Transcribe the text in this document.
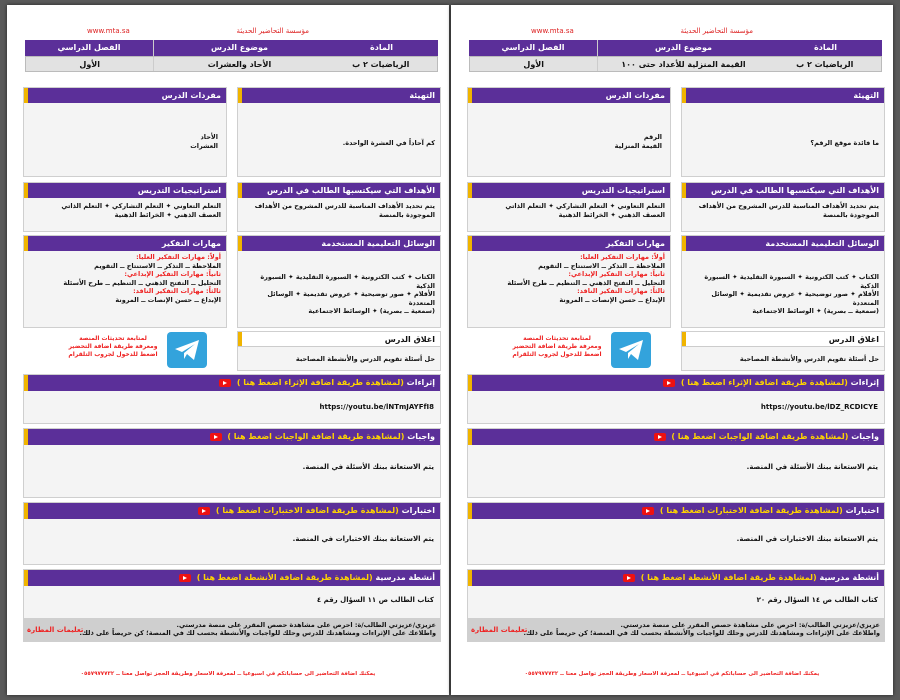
www.mta.sa	مؤسسة التحاضير الحديثة
المادة
موضوع الدرس
الفصل الدراسي
الرياضيات ٢ ب
الأحاد والعشرات
الأول
التهيئة
كم آحاداً في العشرة الواحدة.
مفردات الدرس
الأحاد
العشرات
الأهداف التي سيكتسبها الطالب في الدرس
يتم تحديد الأهداف المناسبة للدرس المشروح من الأهداف الموجودة بالمنصة
استراتيجيات التدريس
التعلم التعاوني ✦ التعلم التشاركي ✦ التعلم الذاتي
العصف الذهني ✦ الخرائط الذهنية
الوسائل التعليمية المستخدمة
الكتاب ✦ كتب الكترونية ✦ السبورة التقليدية ✦ السبورة الذكية
الأقلام ✦ صور توضيحية ✦ عروض تقديمية ✦ الوسائل المتعددة
(سمعية ــ بصرية) ✦ الوسائط الاجتماعية
مهارات التفكير
أولاً: مهارات التفكير العليا:
الملاحظة ــ التذكر ــ الاستنتاج ــ التقويم
ثانياً: مهارات التفكير الإبداعي:
التحليل ــ التفتح الذهني ــ التنظيم ــ طرح الأسئلة
ثالثاً: مهارات التفكير الناقد:
الإبداع ــ حسن الإنصات ــ المرونة
اغلاق الدرس
حل أسئلة تقويم الدرس والأنشطة المصاحبة
لمتابعة تحديثات المنصة
ومعرفة طريقة اضافة التحضير
اضغط للدخول لجروب التلقرام
إثراءات (لمشاهدة طريقة اضافة الإثراء اضغط هنا )
https://youtu.be/lNTmJAYFfI8
واجبات (لمشاهدة طريقة اضافة الواجبات اضغط هنا )
يتم الاستعانة ببنك الأسئلة في المنصة.
اختبارات (لمشاهدة طريقة اضافة الاختبارات اضغط هنا )
يتم الاستعانة ببنك الاختبارات في المنصة.
أنشطة مدرسية (لمشاهدة طريقة اضافة الأنشطة اضغط هنا )
كتاب الطالب ص ١١ السؤال رقم ٤
تعليمات المطارة
عزيزي/عزيزتي الطالب/ة: احرص على مشاهدة حصص المقرر على منصة مدرستي.
واطلاعك على الإثراءات ومشاهدتك للدرس وحلك للواجبات والأنشطة بحسب لك في المنصة؛ كن حريصاً على ذلك.
يمكنك اضافة التحاضير الى حساباتكم في اسبوعيا ــ لمعرفة الاسعار وطريقة الحجز تواصل معنا ــ ٠٥٥٧٩٧٧٧٣٢
www.mta.sa	مؤسسة التحاضير الحديثة
المادة
موضوع الدرس
الفصل الدراسي
الرياضيات ٢ ب
القيمة المنزلية للأعداد حتى ١٠٠
الأول
التهيئة
ما فائدة موقع الرقم؟
مفردات الدرس
الرقم
القيمة المنزلية
الأهداف التي سيكتسبها الطالب في الدرس
يتم تحديد الأهداف المناسبة للدرس المشروح من الأهداف الموجودة بالمنصة
استراتيجيات التدريس
التعلم التعاوني ✦ التعلم التشاركي ✦ التعلم الذاتي
العصف الذهني ✦ الخرائط الذهنية
الوسائل التعليمية المستخدمة
الكتاب ✦ كتب الكترونية ✦ السبورة التقليدية ✦ السبورة الذكية
الأقلام ✦ صور توضيحية ✦ عروض تقديمية ✦ الوسائل المتعددة
(سمعية ــ بصرية) ✦ الوسائط الاجتماعية
مهارات التفكير
أولاً: مهارات التفكير العليا:
الملاحظة ــ التذكر ــ الاستنتاج ــ التقويم
ثانياً: مهارات التفكير الإبداعي:
التحليل ــ التفتح الذهني ــ التنظيم ــ طرح الأسئلة
ثالثاً: مهارات التفكير الناقد:
الإبداع ــ حسن الإنصات ــ المرونة
اغلاق الدرس
حل أسئلة تقويم الدرس والأنشطة المصاحبة
لمتابعة تحديثات المنصة
ومعرفة طريقة اضافة التحضير
اضغط للدخول لجروب التلقرام
إثراءات (لمشاهدة طريقة اضافة الإثراء اضغط هنا )
https://youtu.be/lDZ_RCDICYE
واجبات (لمشاهدة طريقة اضافة الواجبات اضغط هنا )
يتم الاستعانة ببنك الأسئلة في المنصة.
اختبارات (لمشاهدة طريقة اضافة الاختبارات اضغط هنا )
يتم الاستعانة ببنك الاختبارات في المنصة.
أنشطة مدرسية (لمشاهدة طريقة اضافة الأنشطة اضغط هنا )
كتاب الطالب ص ١٤ السؤال رقم ٢٠
تعليمات المطارة
عزيزي/عزيزتي الطالب/ة: احرص على مشاهدة حصص المقرر على منصة مدرستي.
واطلاعك على الإثراءات ومشاهدتك للدرس وحلك للواجبات والأنشطة بحسب لك في المنصة؛ كن حريصاً على ذلك.
يمكنك اضافة التحاضير الى حساباتكم في اسبوعيا ــ لمعرفة الاسعار وطريقة الحجز تواصل معنا ــ ٠٥٥٧٩٧٧٧٣٢
